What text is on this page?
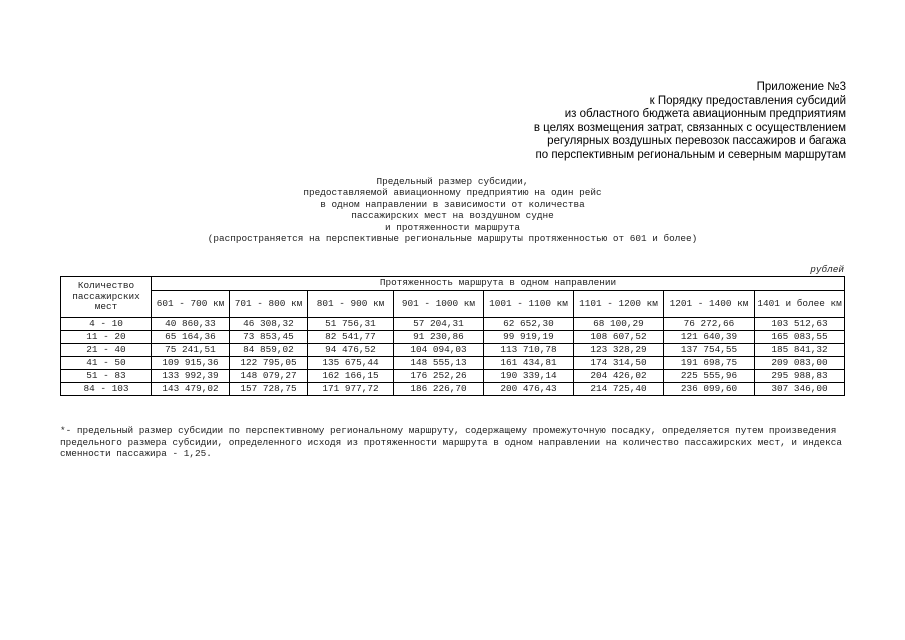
Приложение №3
к Порядку предоставления субсидий
из областного бюджета авиационным предприятиям
в целях возмещения затрат, связанных с осуществлением
регулярных воздушных перевозок пассажиров и багажа
по перспективным региональным и северным маршрутам
Предельный размер субсидии,
предоставляемой авиационному предприятию на один рейс
в одном направлении в зависимости от количества
пассажирских мест на воздушном судне
и протяженности маршрута
(распространяется на перспективные региональные маршруты протяженностью от 601 и более)
рублей
Количество пассажирских мест	Протяженность маршрута в одном направлении							
	601 - 700 км	701 - 800 км	801 - 900 км	901 - 1000 км	1001 - 1100 км	1101 - 1200 км	1201 - 1400 км	1401 и более км
4 - 10	40 860,33	46 308,32	51 756,31	57 204,31	62 652,30	68 100,29	76 272,66	103 512,63
11 - 20	65 164,36	73 853,45	82 541,77	91 230,86	99 919,19	108 607,52	121 640,39	165 083,55
21 - 40	75 241,51	84 859,02	94 476,52	104 094,03	113 710,78	123 328,29	137 754,55	185 841,32
41 - 50	109 915,36	122 795,05	135 675,44	148 555,13	161 434,81	174 314,50	191 698,75	209 083,00
51 - 83	133 992,39	148 079,27	162 166,15	176 252,26	190 339,14	204 426,02	225 555,96	295 988,83
84 - 103	143 479,02	157 728,75	171 977,72	186 226,70	200 476,43	214 725,40	236 099,60	307 346,00
*- предельный размер субсидии по перспективному региональному маршруту, содержащему промежуточную посадку, определяется путем произведения предельного размера субсидии, определенного исходя из протяженности маршрута в одном направлении на количество пассажирских мест, и индекса сменности пассажира - 1,25.
